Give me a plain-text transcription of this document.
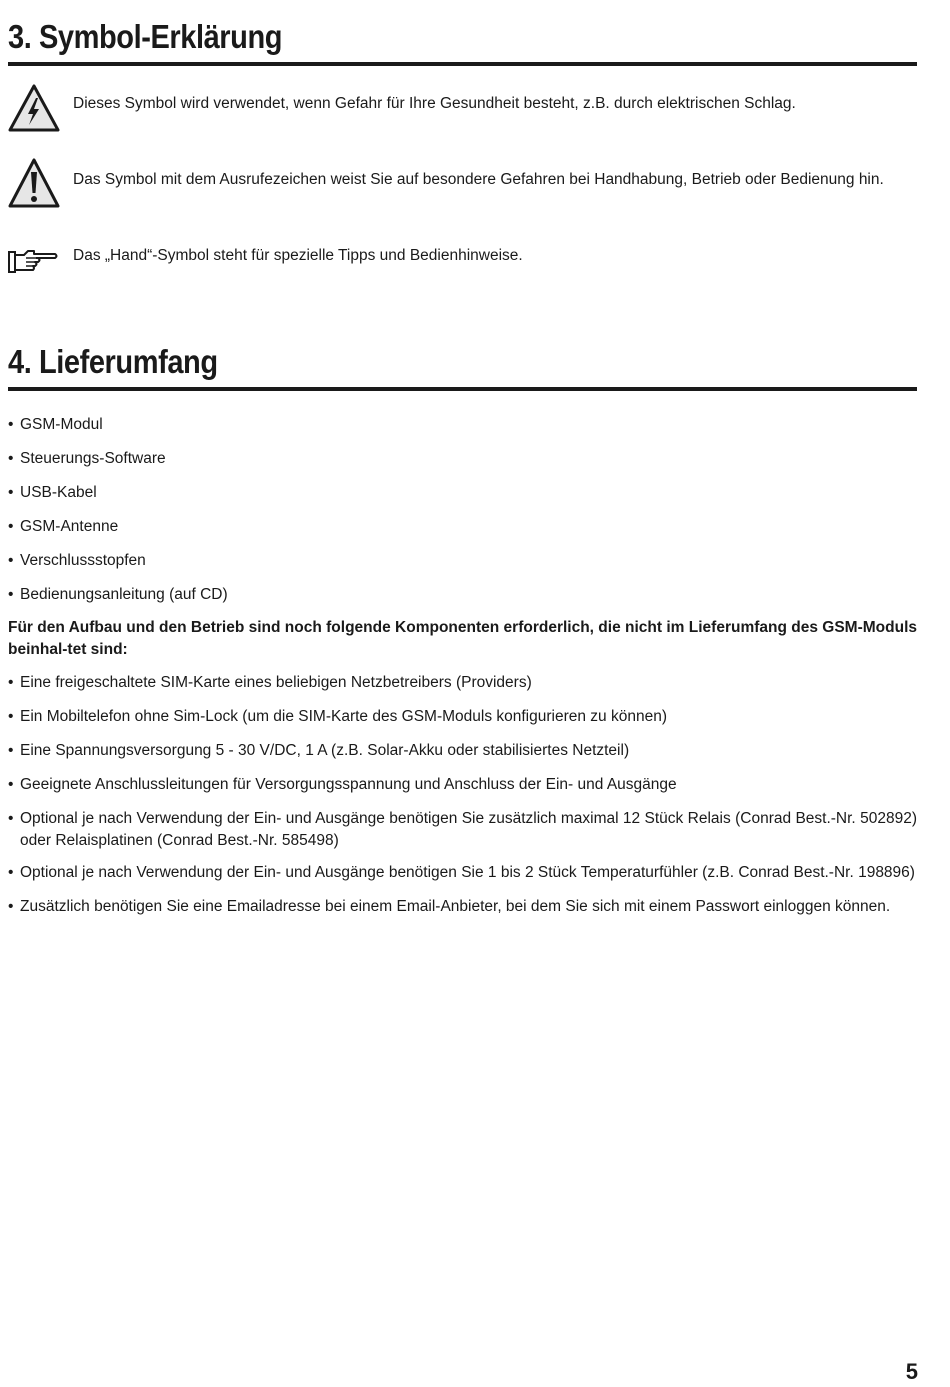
3. Symbol-Erklärung
Dieses Symbol wird verwendet, wenn Gefahr für Ihre Gesundheit besteht, z.B. durch elektrischen Schlag.
Das Symbol mit dem Ausrufezeichen weist Sie auf besondere Gefahren bei Handhabung, Betrieb oder Bedienung hin.
Das „Hand“-Symbol steht für spezielle Tipps und Bedienhinweise.
4. Lieferumfang
• GSM-Modul
• Steuerungs-Software
• USB-Kabel
• GSM-Antenne
• Verschlussstopfen
• Bedienungsanleitung (auf CD)

Für den Aufbau und den Betrieb sind noch folgende Komponenten erforderlich, die nicht im Lieferumfang des GSM-Moduls beinhal-tet sind:

• Eine freigeschaltete SIM-Karte eines beliebigen Netzbetreibers (Providers)
• Ein Mobiltelefon ohne Sim-Lock (um die SIM-Karte des GSM-Moduls konfigurieren zu können)
• Eine Spannungsversorgung 5 - 30 V/DC, 1 A (z.B. Solar-Akku oder stabilisiertes Netzteil)
• Geeignete Anschlussleitungen für Versorgungsspannung und Anschluss der Ein- und Ausgänge
• Optional je nach Verwendung der Ein- und Ausgänge benötigen Sie zusätzlich maximal 12 Stück Relais (Conrad Best.-Nr. 502892) oder Relaisplatinen (Conrad Best.-Nr. 585498)
• Optional je nach Verwendung der Ein- und Ausgänge benötigen Sie 1 bis 2 Stück Temperaturfühler (z.B. Conrad Best.-Nr. 198896)
• Zusätzlich benötigen Sie eine Emailadresse bei einem Email-Anbieter, bei dem Sie sich mit einem Passwort einloggen können.
5
